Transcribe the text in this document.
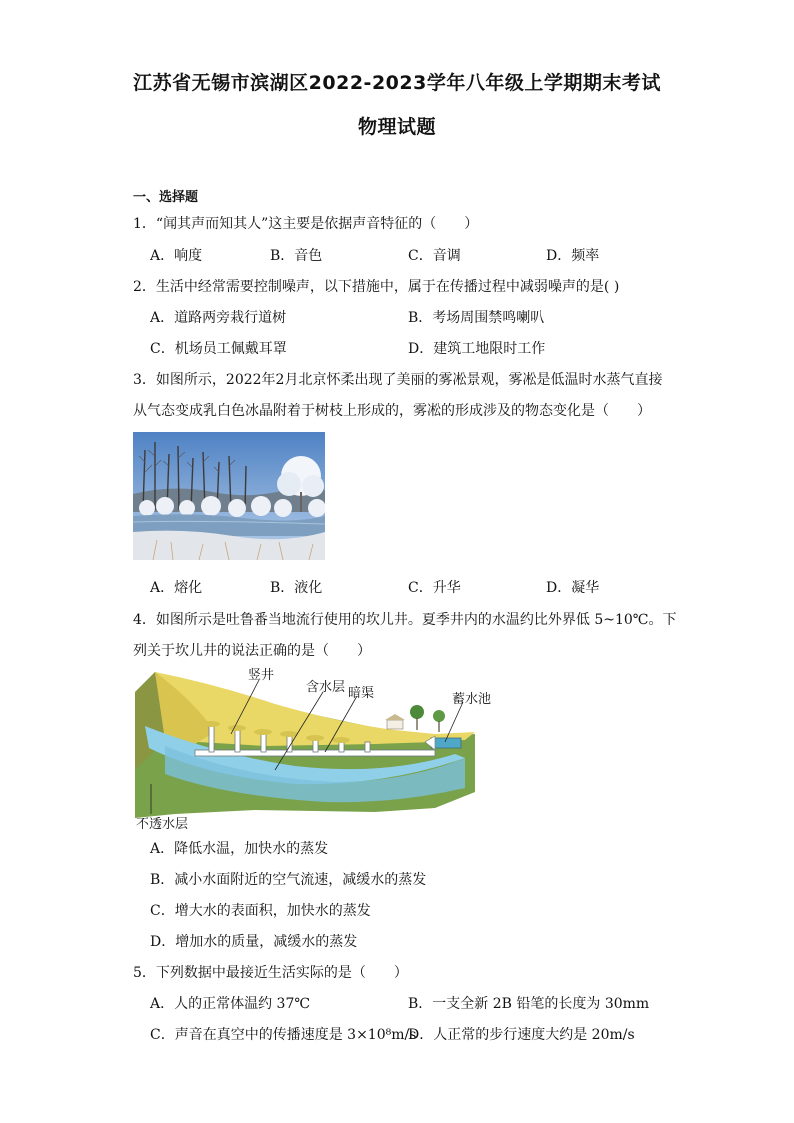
江苏省无锡市滨湖区2022-2023学年八年级上学期期末考试
物理试题
一、选择题
1．“闻其声而知其人”这主要是依据声音特征的（　　）
A．响度	B．音色	C．音调	D．频率
2．生活中经常需要控制噪声，以下措施中，属于在传播过程中减弱噪声的是( )
A．道路两旁栽行道树	B．考场周围禁鸣喇叭
C．机场员工佩戴耳罩	D．建筑工地限时工作
3．如图所示，2022年2月北京怀柔出现了美丽的雾凇景观，雾凇是低温时水蒸气直接
从气态变成乳白色冰晶附着于树枝上形成的，雾凇的形成涉及的物态变化是（　　）
A．熔化	B．液化	C．升华	D．凝华
4．如图所示是吐鲁番当地流行使用的坎儿井。夏季井内的水温约比外界低 5~10℃。下
列关于坎儿井的说法正确的是（　　）
竖井
含水层 暗渠	蓄水池
不透水层
A．降低水温，加快水的蒸发
B．减小水面附近的空气流速，减缓水的蒸发
C．增大水的表面积，加快水的蒸发
D．增加水的质量，减缓水的蒸发
5．下列数据中最接近生活实际的是（　　）
A．人的正常体温约 37℃	B．一支全新 2B 铅笔的长度为 30mm
C．声音在真空中的传播速度是 3×10⁸m/s
D．人正常的步行速度大约是 20m/s
